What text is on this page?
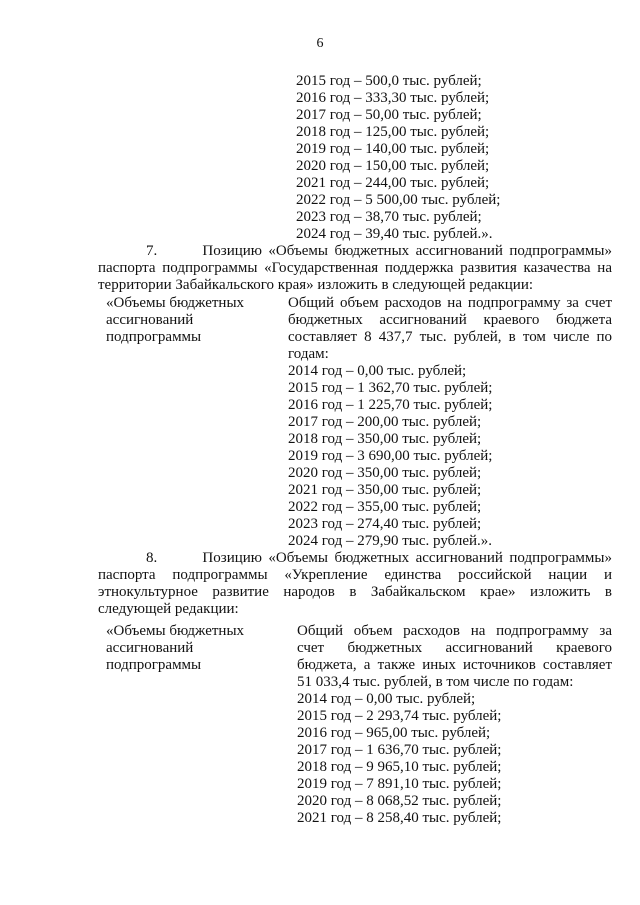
6
2015 год – 500,0 тыс. рублей;
2016 год – 333,30 тыс. рублей;
2017 год – 50,00 тыс. рублей;
2018 год – 125,00 тыс. рублей;
2019 год – 140,00 тыс. рублей;
2020 год – 150,00 тыс. рублей;
2021 год – 244,00 тыс. рублей;
2022 год – 5 500,00 тыс. рублей;
2023 год – 38,70 тыс. рублей;
2024 год – 39,40 тыс. рублей.».
7.       Позицию «Объемы бюджетных ассигнований подпрограммы»
паспорта подпрограммы «Государственная поддержка развития казачества на
территории Забайкальского края» изложить в следующей редакции:
«Объемы бюджетных
ассигнований
подпрограммы
Общий объем расходов на подпрограмму за счет
бюджетных ассигнований краевого бюджета
составляет 8 437,7 тыс. рублей, в том числе по
годам:
2014 год – 0,00 тыс. рублей;
2015 год – 1 362,70 тыс. рублей;
2016 год – 1 225,70 тыс. рублей;
2017 год – 200,00 тыс. рублей;
2018 год – 350,00 тыс. рублей;
2019 год – 3 690,00 тыс. рублей;
2020 год – 350,00 тыс. рублей;
2021 год – 350,00 тыс. рублей;
2022 год – 355,00 тыс. рублей;
2023 год – 274,40 тыс. рублей;
2024 год – 279,90 тыс. рублей.».
8.       Позицию «Объемы бюджетных ассигнований подпрограммы»
паспорта подпрограммы «Укрепление единства российской нации и
этнокультурное развитие народов в Забайкальском крае» изложить в
следующей редакции:
«Объемы бюджетных
ассигнований
подпрограммы
Общий объем расходов на подпрограмму за
счет бюджетных ассигнований краевого
бюджета, а также иных источников составляет
51 033,4 тыс. рублей, в том числе по годам:
2014 год – 0,00 тыс. рублей;
2015 год – 2 293,74 тыс. рублей;
2016 год – 965,00 тыс. рублей;
2017 год – 1 636,70 тыс. рублей;
2018 год – 9 965,10 тыс. рублей;
2019 год – 7 891,10 тыс. рублей;
2020 год – 8 068,52 тыс. рублей;
2021 год – 8 258,40 тыс. рублей;
